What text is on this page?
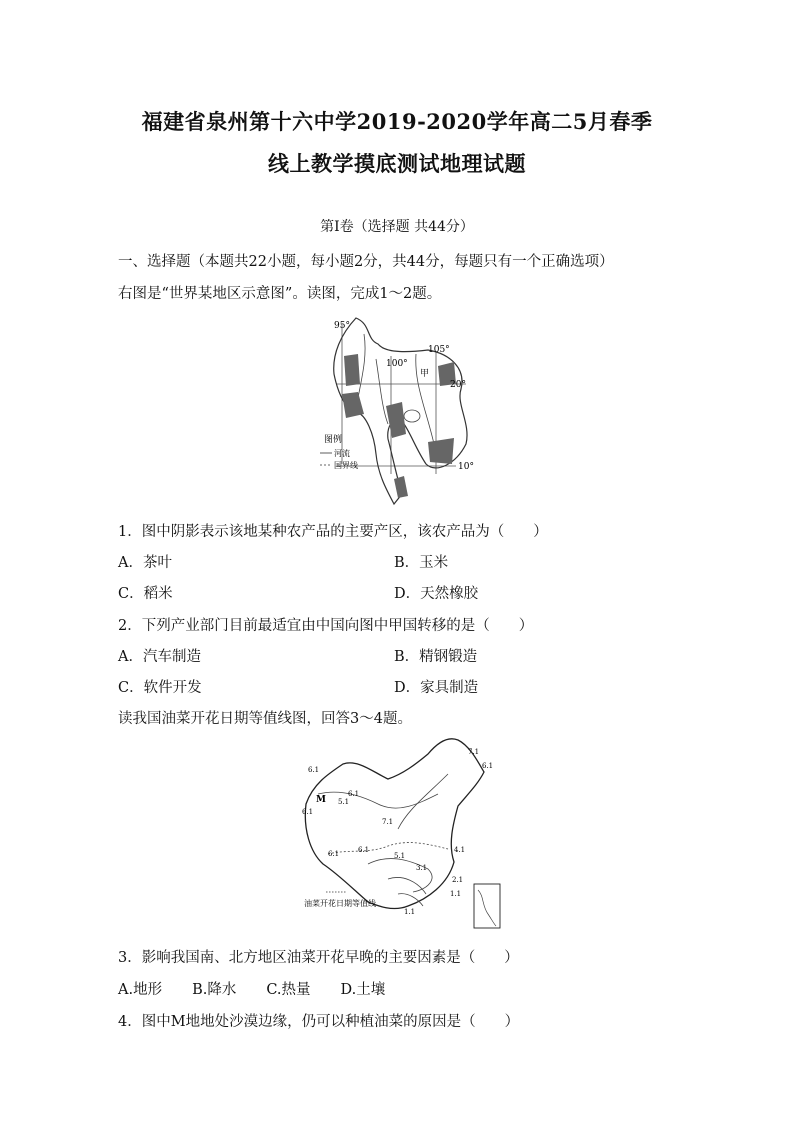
福建省泉州第十六中学2019-2020学年高二5月春季
线上教学摸底测试地理试题
第Ⅰ卷（选择题 共44分）
一、选择题（本题共22小题，每小题2分，共44分，每题只有一个正确选项）
右图是“世界某地区示意图”。读图，完成1～2题。
95°
100°
105°
甲
20°
10°
图例
河流
国界线
1．图中阴影表示该地某种农产品的主要产区，该农产品为（　　）
A．茶叶	B．玉米
C．稻米	D．天然橡胶
2．下列产业部门目前最适宜由中国向图中甲国转移的是（　　）
A．汽车制造	B．精钢锻造
C．软件开发	D．家具制造
读我国油菜开花日期等值线图，回答3～4题。
7.1
6.1	6.1
6.1
6.1
5.1
M
6.1
7.1
6.1	4.1
5.1
3.1
2.1
1.1
1.1
油菜开花日期等值线
3．影响我国南、北方地区油菜开花早晚的主要因素是（　　）
A.地形 B.降水 C.热量 D.土壤
4．图中M地地处沙漠边缘，仍可以种植油菜的原因是（　　）
